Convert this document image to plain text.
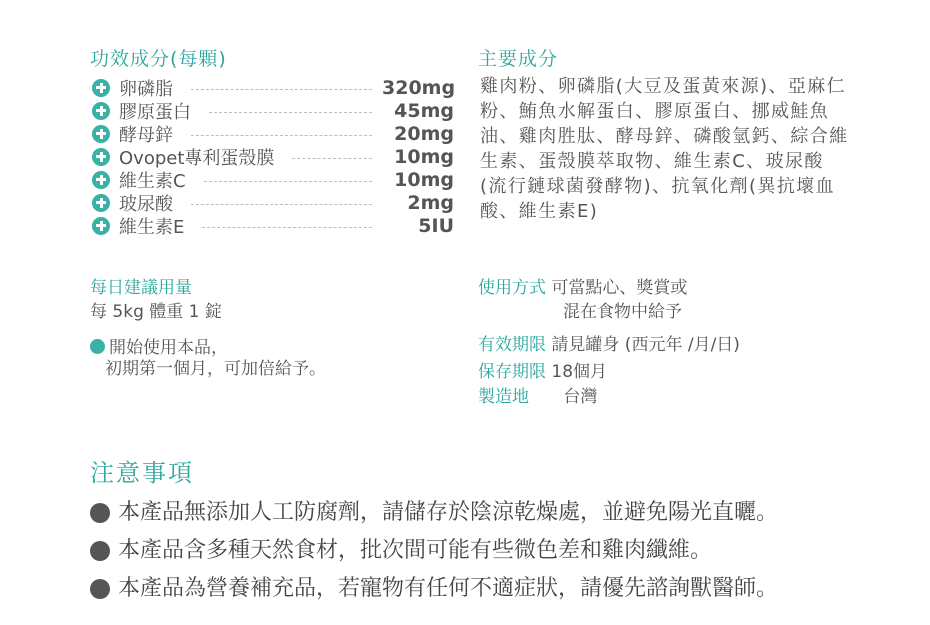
功效成分(每顆)
卵磷脂	320mg
膠原蛋白	45mg
酵母鋅	20mg
Ovopet專利蛋殼膜	10mg
維生素C	10mg
玻尿酸	2mg
維生素E	5IU
主要成分
雞肉粉、卵磷脂(大豆及蛋黃來源)、亞麻仁粉、鮪魚水解蛋白、膠原蛋白、挪威鮭魚油、雞肉胜肽、酵母鋅、磷酸氫鈣、綜合維生素、蛋殼膜萃取物、維生素C、玻尿酸(流行鏈球菌發酵物)、抗氧化劑(異抗壞血酸、維生素E)
每日建議用量
每 5kg 體重 1 錠
開始使用本品，
初期第一個月，可加倍給予。
使用方式 可當點心、獎賞或
混在食物中給予
有效期限 請見罐身 (西元年 /月/日)
保存期限 18個月
製造地 台灣
注意事項
本產品無添加人工防腐劑，請儲存於陰涼乾燥處，並避免陽光直曬。
本產品含多種天然食材，批次間可能有些微色差和雞肉纖維。
本產品為營養補充品，若寵物有任何不適症狀，請優先諮詢獸醫師。
